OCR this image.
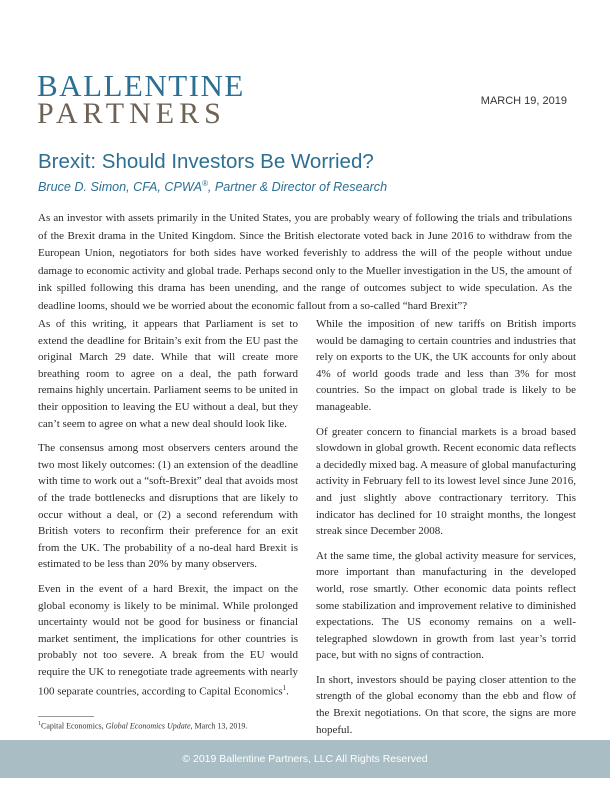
BALLENTINE
PARTNERS	MARCH 19, 2019
Brexit: Should Investors Be Worried?
Bruce D. Simon, CFA, CPWA®, Partner & Director of Research
As an investor with assets primarily in the United States, you are probably weary of following the trials and tribulations of the Brexit drama in the United Kingdom. Since the British electorate voted back in June 2016 to withdraw from the European Union, negotiators for both sides have worked feverishly to address the will of the people without undue damage to economic activity and global trade. Perhaps second only to the Mueller investigation in the US, the amount of ink spilled following this drama has been unending, and the range of outcomes subject to wide speculation. As the deadline looms, should we be worried about the economic fallout from a so-called “hard Brexit”?

As of this writing, it appears that Parliament is set to extend the deadline for Britain’s exit from the EU past the original March 29 date. While that will create more breathing room to agree on a deal, the path forward remains highly uncertain. Parliament seems to be united in their opposition to leaving the EU without a deal, but they can’t seem to agree on what a new deal should look like.

The consensus among most observers centers around the two most likely outcomes: (1) an extension of the deadline with time to work out a “soft-Brexit” deal that avoids most of the trade bottlenecks and disruptions that are likely to occur without a deal, or (2) a second referendum with British voters to reconfirm their preference for an exit from the UK. The probability of a no-deal hard Brexit is estimated to be less than 20% by many observers.

Even in the event of a hard Brexit, the impact on the global economy is likely to be minimal. While prolonged uncertainty would not be good for business or financial market sentiment, the implications for other countries is probably not too severe. A break from the EU would require the UK to renegotiate trade agreements with nearly 100 separate countries, according to Capital Economics$^1$.

While the imposition of new tariffs on British imports would be damaging to certain countries and industries that rely on exports to the UK, the UK accounts for only about 4% of world goods trade and less than 3% for most countries. So the impact on global trade is likely to be manageable.

Of greater concern to financial markets is a broad based slowdown in global growth. Recent economic data reflects a decidedly mixed bag. A measure of global manufacturing activity in February fell to its lowest level since June 2016, and just slightly above contractionary territory. This indicator has declined for 10 straight months, the longest streak since December 2008.

At the same time, the global activity measure for services, more important than manufacturing in the developed world, rose smartly. Other economic data points reflect some stabilization and improvement relative to diminished expectations. The US economy remains on a well-telegraphed slowdown in growth from last year’s torrid pace, but with no signs of contraction.

In short, investors should be paying closer attention to the strength of the global economy than the ebb and flow of the Brexit negotiations. On that score, the signs are more hopeful.

$^1$Capital Economics, Global Economics Update, March 13, 2019.
© 2019 Ballentine Partners, LLC All Rights Reserved
